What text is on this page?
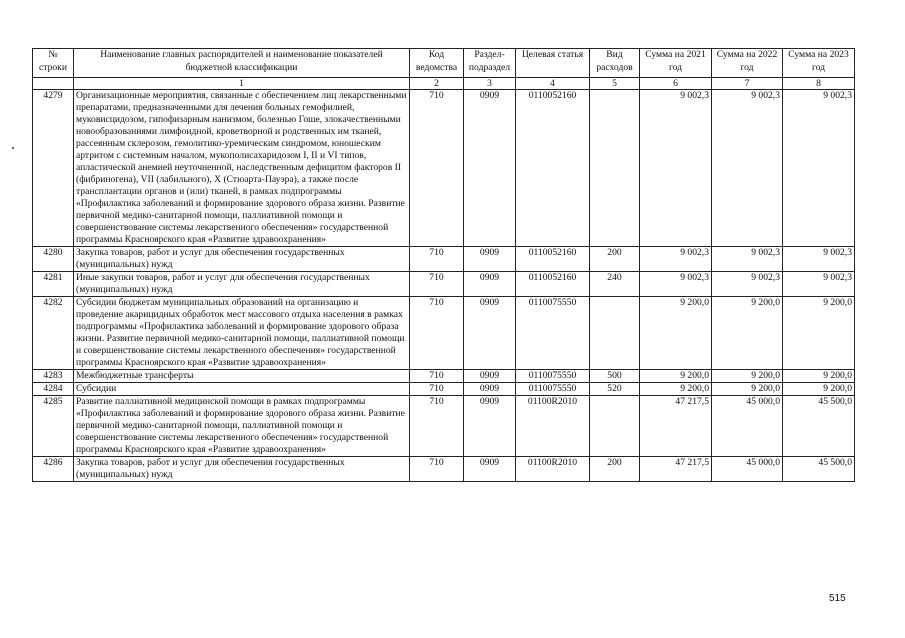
№ строки	Наименование главных распорядителей и наименование показателей бюджетной классификации	Код ведомства	Раздел-подраздел	Целевая статья	Вид расходов	Сумма на 2021 год	Сумма на 2022 год	Сумма на 2023 год
	1	2	3	4	5	6	7	8
4279	Организационные мероприятия, связанные с обеспечением лиц лекарственными препаратами, предназначенными для лечения больных гемофилией, муковисцидозом, гипофизарным нанизмом, болезнью Гоше, злокачественными новообразованиями лимфоидной, кроветворной и родственных им тканей, рассеянным склерозом, гемолитико-уремическим синдромом, юношеским артритом с системным началом, мукополисахаридозом I, II и VI типов, апластической анемией неуточненной, наследственным дефицитом факторов II (фибриногена), VII (лабильного), X (Стюарта-Пауэра), а также после трансплантации органов и (или) тканей, в рамках подпрограммы «Профилактика заболеваний и формирование здорового образа жизни. Развитие первичной медико-санитарной помощи, паллиативной помощи и совершенствование системы лекарственного обеспечения» государственной программы Красноярского края «Развитие здравоохранения»	710	0909	0110052160		9 002,3	9 002,3	9 002,3
4280	Закупка товаров, работ и услуг для обеспечения государственных (муниципальных) нужд	710	0909	0110052160	200	9 002,3	9 002,3	9 002,3
4281	Иные закупки товаров, работ и услуг для обеспечения государственных (муниципальных) нужд	710	0909	0110052160	240	9 002,3	9 002,3	9 002,3
4282	Субсидии бюджетам муниципальных образований на организацию и проведение акарицидных обработок мест массового отдыха населения в рамках подпрограммы «Профилактика заболеваний и формирование здорового образа жизни. Развитие первичной медико-санитарной помощи, паллиативной помощи и совершенствование системы лекарственного обеспечения» государственной программы Красноярского края «Развитие здравоохранения»	710	0909	0110075550		9 200,0	9 200,0	9 200,0
4283	Межбюджетные трансферты	710	0909	0110075550	500	9 200,0	9 200,0	9 200,0
4284	Субсидии	710	0909	0110075550	520	9 200,0	9 200,0	9 200,0
4285	Развитие паллиативной медицинской помощи в рамках подпрограммы «Профилактика заболеваний и формирование здорового образа жизни. Развитие первичной медико-санитарной помощи, паллиативной помощи и совершенствование системы лекарственного обеспечения» государственной программы Красноярского края «Развитие здравоохранения»	710	0909	01100R2010		47 217,5	45 000,0	45 500,0
4286	Закупка товаров, работ и услуг для обеспечения государственных (муниципальных) нужд	710	0909	01100R2010	200	47 217,5	45 000,0	45 500,0
515
